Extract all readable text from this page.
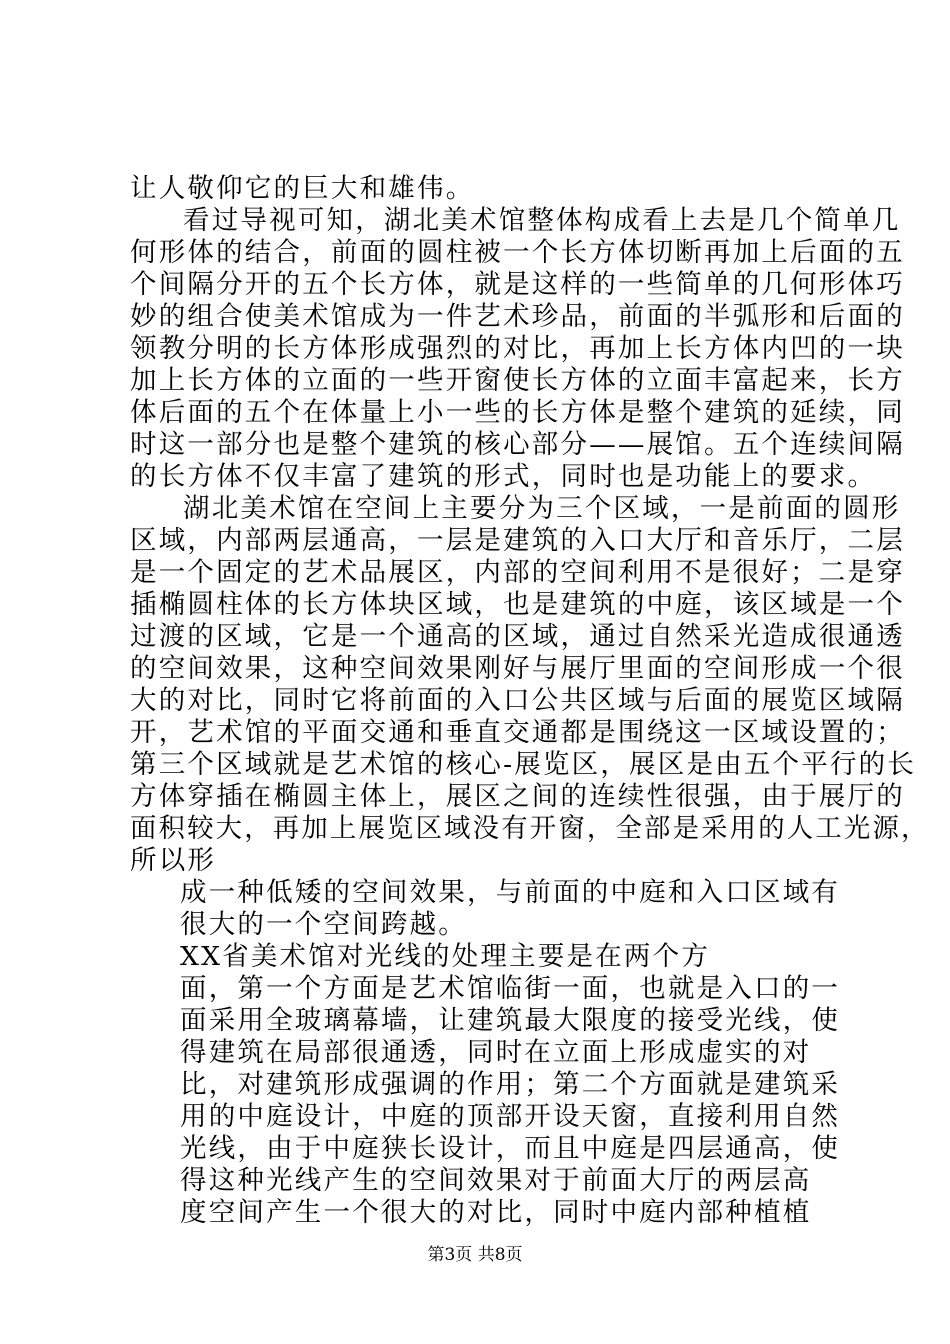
让人敬仰它的巨大和雄伟。
看过导视可知，湖北美术馆整体构成看上去是几个简单几
何形体的结合，前面的圆柱被一个长方体切断再加上后面的五
个间隔分开的五个长方体，就是这样的一些简单的几何形体巧
妙的组合使美术馆成为一件艺术珍品，前面的半弧形和后面的
领教分明的长方体形成强烈的对比，再加上长方体内凹的一块
加上长方体的立面的一些开窗使长方体的立面丰富起来，长方
体后面的五个在体量上小一些的长方体是整个建筑的延续，同
时这一部分也是整个建筑的核心部分——展馆。五个连续间隔
的长方体不仅丰富了建筑的形式，同时也是功能上的要求。
湖北美术馆在空间上主要分为三个区域，一是前面的圆形
区域，内部两层通高，一层是建筑的入口大厅和音乐厅，二层
是一个固定的艺术品展区，内部的空间利用不是很好；二是穿
插椭圆柱体的长方体块区域，也是建筑的中庭，该区域是一个
过渡的区域，它是一个通高的区域，通过自然采光造成很通透
的空间效果，这种空间效果刚好与展厅里面的空间形成一个很
大的对比，同时它将前面的入口公共区域与后面的展览区域隔
开，艺术馆的平面交通和垂直交通都是围绕这一区域设置的；
第三个区域就是艺术馆的核心-展览区，展区是由五个平行的长
方体穿插在椭圆主体上，展区之间的连续性很强，由于展厅的
面积较大，再加上展览区域没有开窗，全部是采用的人工光源，
所以形
成一种低矮的空间效果，与前面的中庭和入口区域有
很大的一个空间跨越。
XX省美术馆对光线的处理主要是在两个方
面，第一个方面是艺术馆临街一面，也就是入口的一
面采用全玻璃幕墙，让建筑最大限度的接受光线，使
得建筑在局部很通透，同时在立面上形成虚实的对
比，对建筑形成强调的作用；第二个方面就是建筑采
用的中庭设计，中庭的顶部开设天窗，直接利用自然
光线，由于中庭狭长设计，而且中庭是四层通高，使
得这种光线产生的空间效果对于前面大厅的两层高
度空间产生一个很大的对比，同时中庭内部种植植
第3页 共8页
